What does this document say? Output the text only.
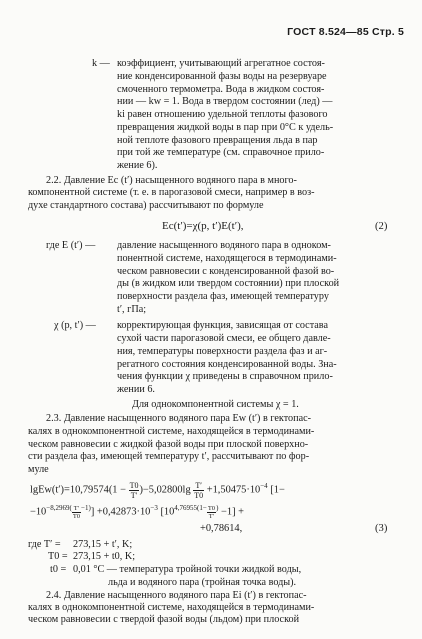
ГОСТ 8.524—85 Стр. 5
k — коэффициент, учитывающий агрегатное состоя-
ние конденсированной фазы воды на резервуаре
смоченного термометра. Вода в жидком состоя-
нии — kw = 1. Вода в твердом состоянии (лед) —
ki равен отношению удельной теплоты фазового
превращения жидкой воды в пар при 0°C к удель-
ной теплоте фазового превращения льда в пар
при той же температуре (см. справочное прило-
жение 6).
2.2. Давление Ec (t′) насыщенного водяного пара в много-
компонентной системе (т. е. в парогазовой смеси, например в воз-
духе стандартного состава) рассчитывают по формуле
Ec(t′)=χ(p, t′)E(t′),	(2)
где E (t′) — давление насыщенного водяного пара в однoком-
понентной системе, находящегося в термодинами-
ческом равновесии с конденсированной фазой во-
ды (в жидком или твердом состоянии) при плоской
поверхности раздела фаз, имеющей температуру
t′, гПа;
χ (p, t′) — корректирующая функция, зависящая от состава
сухой части парогазовой смеси, ее общего давле-
ния, температуры поверхности раздела фаз и аг-
регатного состояния конденсированной воды. Зна-
чения функции χ приведены в справочном прило-
жении 6.
Для однокомпонентной системы χ = 1.
2.3. Давление насыщенного водяного пара Ew (t′) в гектопас-
калях в однокомпонентной системе, находящейся в термодинами-
ческом равновесии с жидкой фазой воды при плоской поверхно-
сти раздела фаз, имеющей температуру t′, рассчитывают по фор-
муле
lgEw(t′)=10,79574(1 − $\frac{T0}{T'} )-5,02800\lg \frac{T'}{T0} +1,50475\cdot 10^{-4}$ [1−
$-10^{-8,2969(} \frac{T'}{T0} ^{-1)}] +0,42873\cdot 10^{-3}$ $[10^{4,76955(1-} \frac{T0}{T'} ^) -1]$ +
+0,78614,	(3)
где T′ = 273,15 + t′, K;
T0 = 273,15 + t0, K;
t0 = 0,01 °C — температура тройной точки жидкой воды,
льда и водяного пара (тройная точка воды).
2.4. Давление насыщенного водяного пара Ei (t′) в гектопас-
калях в однокомпонентной системе, находящейся в термодинами-
ческом равновесии с твердой фазой воды (льдом) при плоской
